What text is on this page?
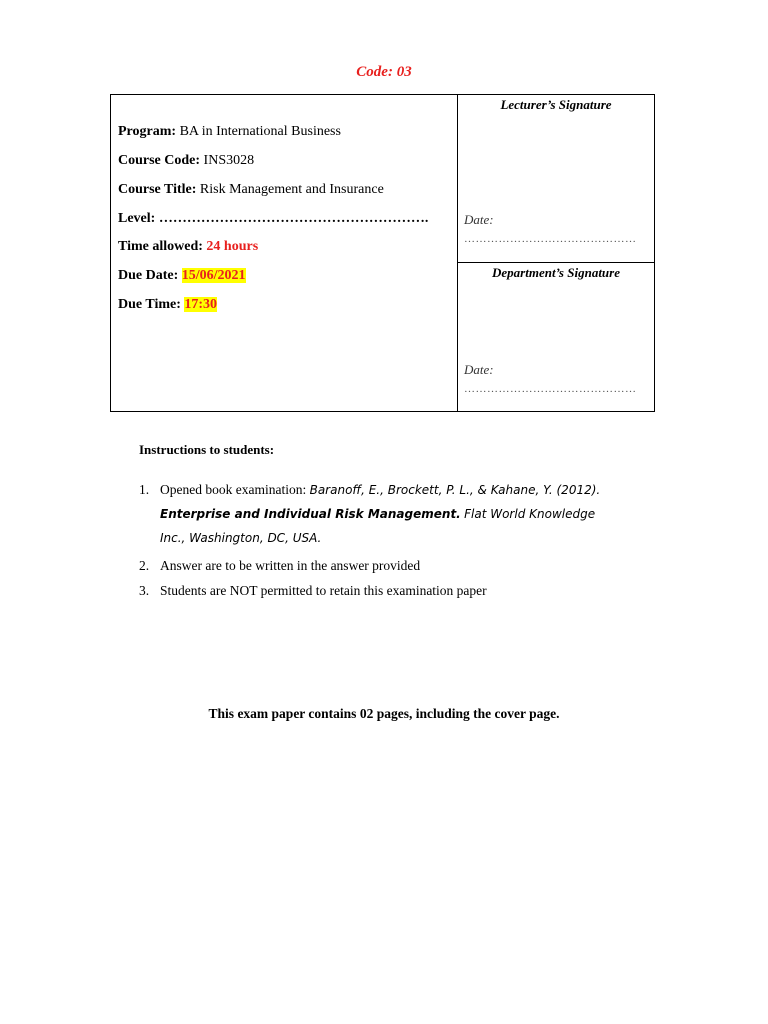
Code: 03
Program: BA in International Business
Course Code: INS3028
Course Title: Risk Management and Insurance
Level: ………………………………………………….
Time allowed: 24 hours
Due Date: 15/06/2021
Due Time: 17:30
Lecturer’s Signature
Date:
………………………………………
Department’s Signature
Date:
………………………………………
Instructions to students:
1. Opened book examination: Baranoff, E., Brockett, P. L., & Kahane, Y. (2012). Enterprise and Individual Risk Management. Flat World Knowledge Inc., Washington, DC, USA.
2. Answer are to be written in the answer provided
3. Students are NOT permitted to retain this examination paper
This exam paper contains 02 pages, including the cover page.
